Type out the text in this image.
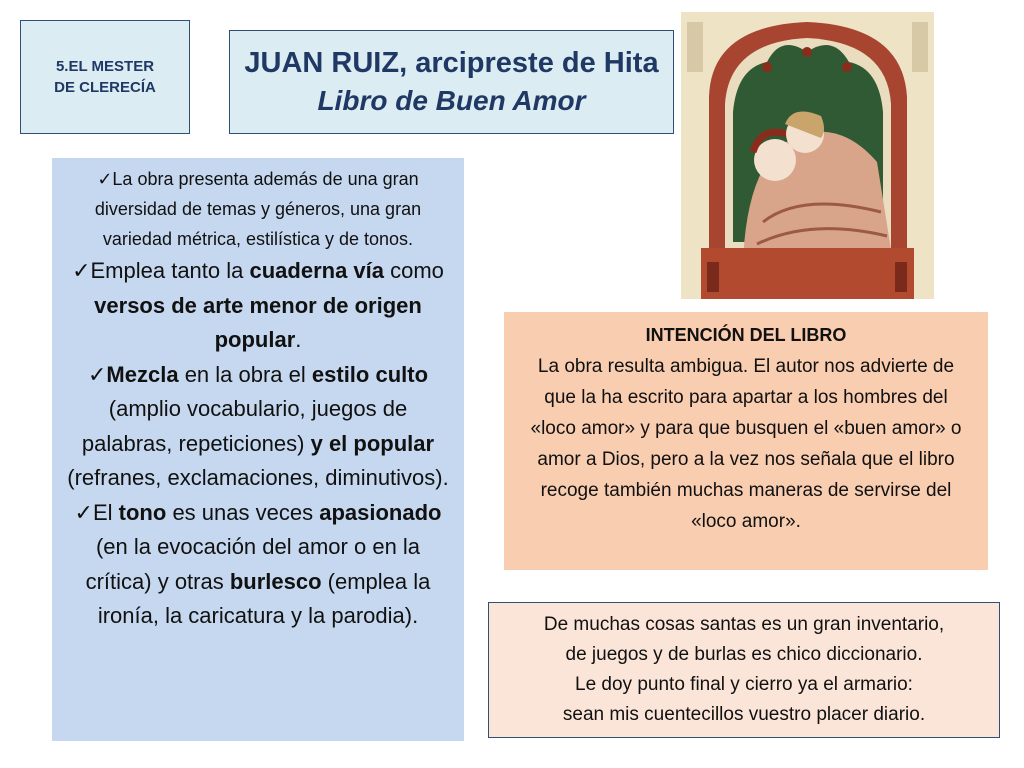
5.EL MESTER
DE CLERECÍA
JUAN RUIZ, arcipreste de Hita
Libro de Buen Amor

✓La obra presenta además de una gran diversidad de temas y géneros, una gran variedad métrica, estilística y de tonos.

✓Emplea tanto la cuaderna vía como versos de arte menor de origen popular.

✓Mezcla en la obra el estilo culto (amplio vocabulario, juegos de palabras, repeticiones) y el popular (refranes, exclamaciones, diminutivos).

✓El tono es unas veces apasionado (en la evocación del amor o en la crítica) y otras burlesco (emplea la ironía, la caricatura y la parodia).

INTENCIÓN DEL LIBRO
La obra resulta ambigua. El autor nos advierte de que la ha escrito para apartar a los hombres del «loco amor» y para que busquen el «buen amor» o amor a Dios, pero a la vez nos señala que el libro recoge también muchas maneras de servirse del «loco amor».
De muchas cosas santas es un gran inventario,
de juegos y de burlas es chico diccionario.
Le doy punto final y cierro ya el armario:
sean mis cuentecillos vuestro placer diario.
